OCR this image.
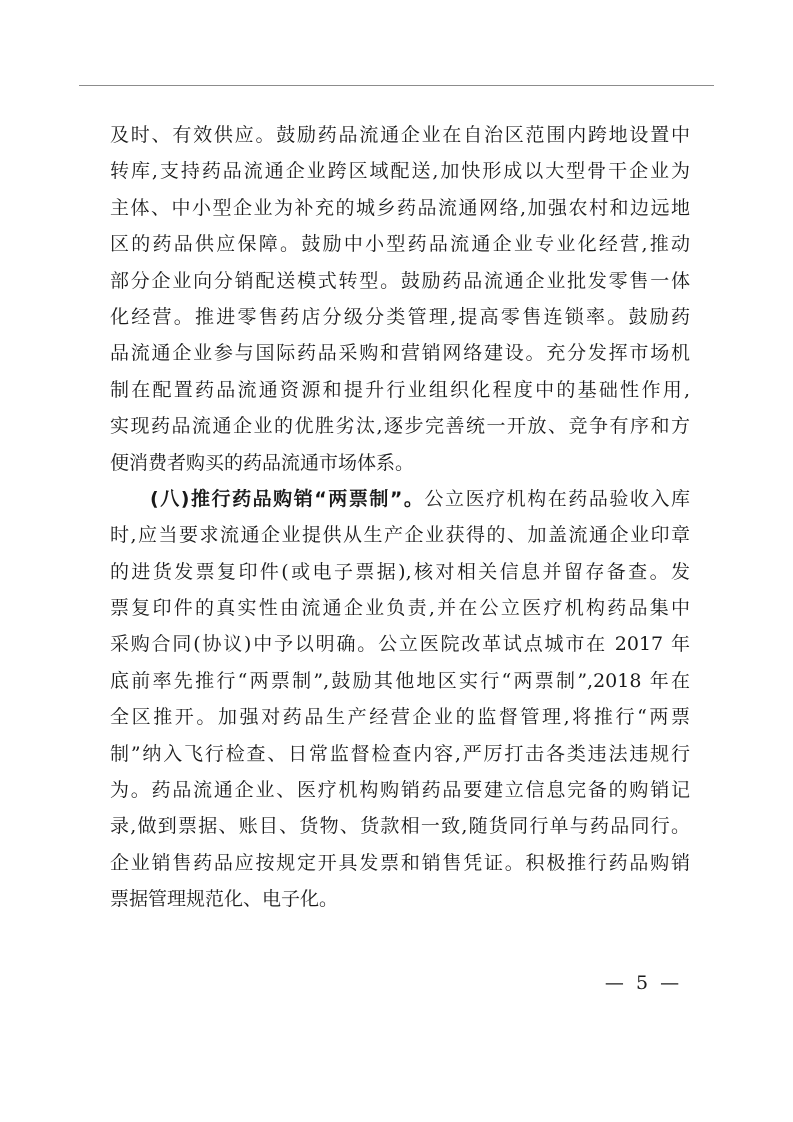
及时、有效供应。鼓励药品流通企业在自治区范围内跨地设置中
转库,支持药品流通企业跨区域配送,加快形成以大型骨干企业为
主体、中小型企业为补充的城乡药品流通网络,加强农村和边远地
区的药品供应保障。鼓励中小型药品流通企业专业化经营,推动
部分企业向分销配送模式转型。鼓励药品流通企业批发零售一体
化经营。推进零售药店分级分类管理,提高零售连锁率。鼓励药
品流通企业参与国际药品采购和营销网络建设。充分发挥市场机
制在配置药品流通资源和提升行业组织化程度中的基础性作用,
实现药品流通企业的优胜劣汰,逐步完善统一开放、竞争有序和方
便消费者购买的药品流通市场体系。
(八)推行药品购销“两票制”。公立医疗机构在药品验收入库
时,应当要求流通企业提供从生产企业获得的、加盖流通企业印章
的进货发票复印件(或电子票据),核对相关信息并留存备查。发
票复印件的真实性由流通企业负责,并在公立医疗机构药品集中
采购合同(协议)中予以明确。公立医院改革试点城市在 2017 年
底前率先推行“两票制”,鼓励其他地区实行“两票制”,2018 年在
全区推开。加强对药品生产经营企业的监督管理,将推行“两票
制”纳入飞行检查、日常监督检查内容,严厉打击各类违法违规行
为。药品流通企业、医疗机构购销药品要建立信息完备的购销记
录,做到票据、账目、货物、货款相一致,随货同行单与药品同行。
企业销售药品应按规定开具发票和销售凭证。积极推行药品购销
票据管理规范化、电子化。
—  5  —
